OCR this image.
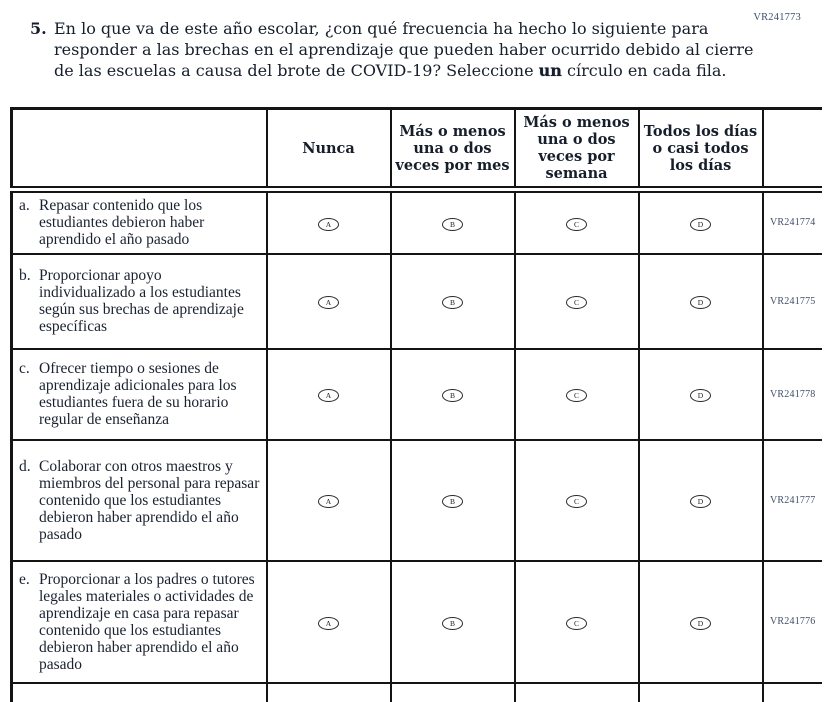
VR241773
5. En lo que va de este año escolar, ¿con qué frecuencia ha hecho lo siguiente para
responder a las brechas en el aprendizaje que pueden haber ocurrido debido al cierre
de las escuelas a causa del brote de COVID-19? Seleccione un círculo en cada fila.
	Nunca	Más o menos una o dos veces por mes	Más o menos una o dos veces por semana	Todos los días o casi todos los días	

a. Repasar contenido que los estudiantes debieron haber aprendido el año pasado	A	B	C	D	VR241774

b. Proporcionar apoyo individualizado a los estudiantes según sus brechas de aprendizaje específicas	A	B	C	D	VR241775

c. Ofrecer tiempo o sesiones de aprendizaje adicionales para los estudiantes fuera de su horario regular de enseñanza	A	B	C	D	VR241778

d. Colaborar con otros maestros y miembros del personal para repasar contenido que los estudiantes debieron haber aprendido el año pasado	A	B	C	D	VR241777

e. Proporcionar a los padres o tutores legales materiales o actividades de aprendizaje en casa para repasar contenido que los estudiantes debieron haber aprendido el año pasado	A	B	C	D	VR241776
